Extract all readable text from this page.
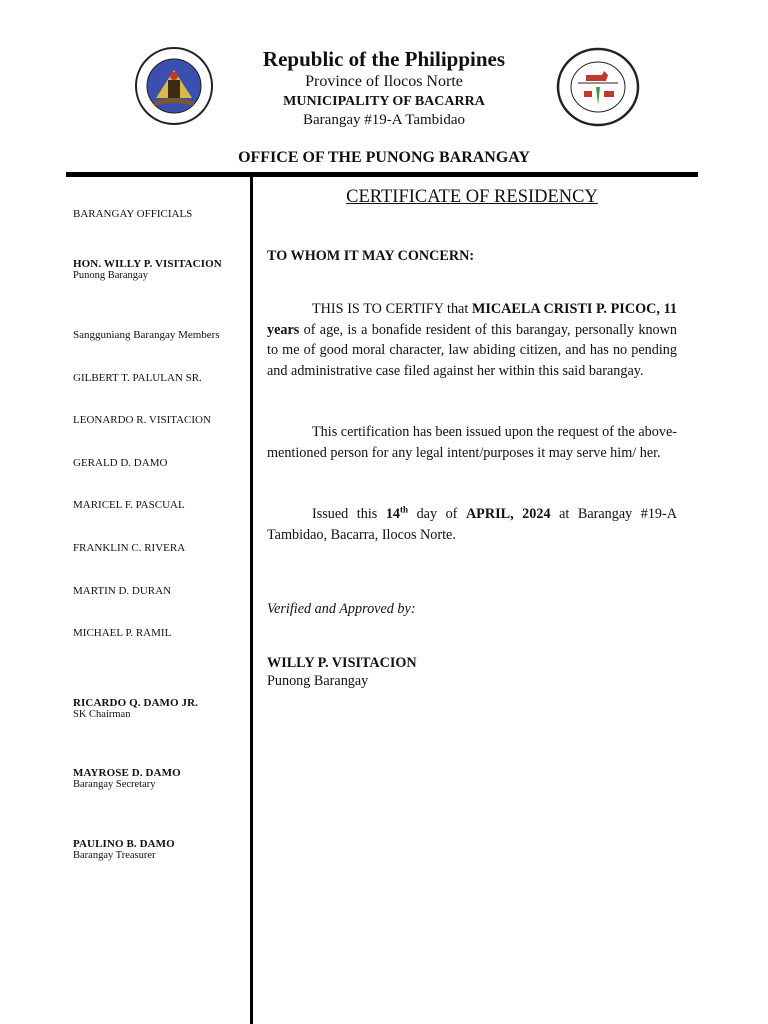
Republic of the Philippines
Province of Ilocos Norte
MUNICIPALITY OF BACARRA
Barangay #19-A Tambidao
OFFICE OF THE PUNONG BARANGAY
BARANGAY OFFICIALS
HON. WILLY P. VISITACION
Punong Barangay
Sangguniang Barangay Members
GILBERT T. PALULAN SR.
LEONARDO R. VISITACION
GERALD D. DAMO
MARICEL F. PASCUAL
FRANKLIN C. RIVERA
MARTIN D. DURAN
MICHAEL P. RAMIL
RICARDO Q. DAMO JR.
SK Chairman
MAYROSE D. DAMO
Barangay Secretary
PAULINO B. DAMO
Barangay Treasurer
CERTIFICATE OF RESIDENCY
TO WHOM IT MAY CONCERN:
THIS IS TO CERTIFY that MICAELA CRISTI P. PICOC, 11 years of age, is a bonafide resident of this barangay, personally known to me of good moral character, law abiding citizen, and has no pending and administrative case filed against her within this said barangay.
This certification has been issued upon the request of the above-mentioned person for any legal intent/purposes it may serve him/ her.
Issued this 14th day of APRIL, 2024 at Barangay #19-A Tambidao, Bacarra, Ilocos Norte.
Verified and Approved by:
WILLY P. VISITACION
Punong Barangay
